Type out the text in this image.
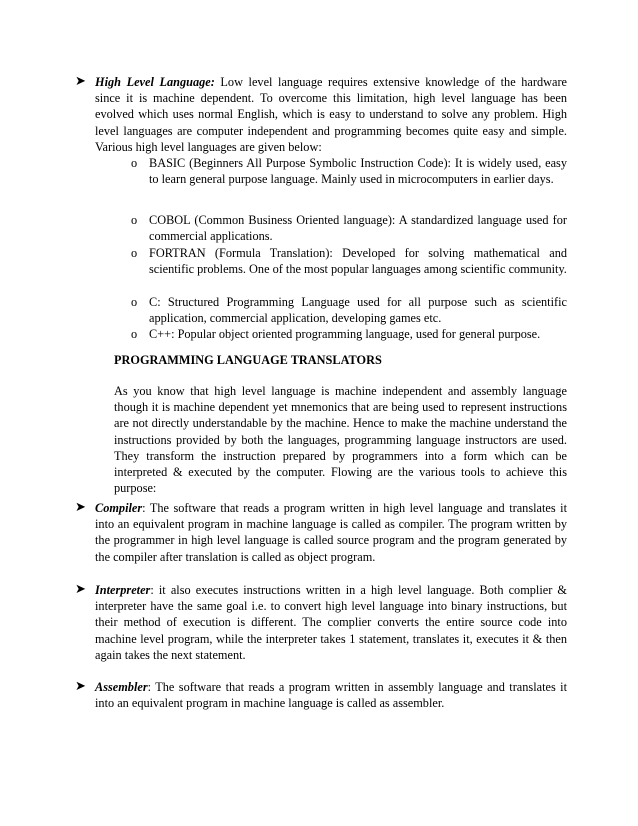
➤ High Level Language: Low level language requires extensive knowledge of the hardware since it is machine dependent. To overcome this limitation, high level language has been evolved which uses normal English, which is easy to understand to solve any problem. High level languages are computer independent and programming becomes quite easy and simple. Various high level languages are given below:

o BASIC (Beginners All Purpose Symbolic Instruction Code): It is widely used, easy to learn general purpose language. Mainly used in microcomputers in earlier days.

o COBOL (Common Business Oriented language): A standardized language used for commercial applications.

o FORTRAN (Formula Translation): Developed for solving mathematical and scientific problems. One of the most popular languages among scientific community.

o C: Structured Programming Language used for all purpose such as scientific application, commercial application, developing games etc.

o C++: Popular object oriented programming language, used for general purpose.

PROGRAMMING LANGUAGE TRANSLATORS

As you know that high level language is machine independent and assembly language though it is machine dependent yet mnemonics that are being used to represent instructions are not directly understandable by the machine. Hence to make the machine understand the instructions provided by both the languages, programming language instructors are used. They transform the instruction prepared by programmers into a form which can be interpreted & executed by the computer. Flowing are the various tools to achieve this purpose:

➤ Compiler: The software that reads a program written in high level language and translates it into an equivalent program in machine language is called as compiler. The program written by the programmer in high level language is called source program and the program generated by the compiler after translation is called as object program.

➤ Interpreter: it also executes instructions written in a high level language. Both complier & interpreter have the same goal i.e. to convert high level language into binary instructions, but their method of execution is different. The complier converts the entire source code into machine level program, while the interpreter takes 1 statement, translates it, executes it & then again takes the next statement.

➤ Assembler: The software that reads a program written in assembly language and translates it into an equivalent program in machine language is called as assembler.
